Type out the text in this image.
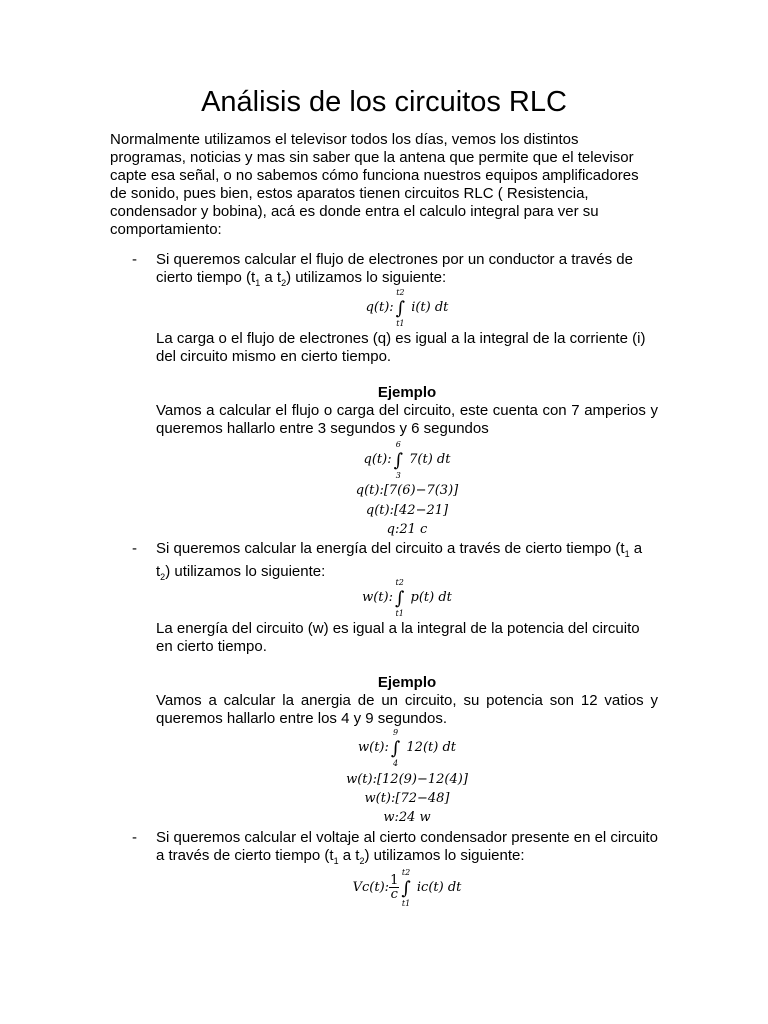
Análisis de los circuitos RLC

Normalmente utilizamos el televisor todos los días, vemos los distintos programas, noticias y mas sin saber que la antena que permite que el televisor capte esa señal, o no sabemos cómo funciona nuestros equipos amplificadores de sonido, pues bien, estos aparatos tienen circuitos RLC ( Resistencia, condensador y bobina), acá es donde entra el calculo integral para ver su comportamiento:

- Si queremos calcular el flujo de electrones por un conductor a través de cierto tiempo ($t_1$ a $t_2$) utilizamos lo siguiente:

q(t):
t2
∫
t1
i(t) dt

La carga o el flujo de electrones (q) es igual a la integral de la corriente (i) del circuito mismo en cierto tiempo.

Ejemplo

Vamos a calcular el flujo o carga del circuito, este cuenta con 7 amperios y queremos hallarlo entre 3 segundos y 6 segundos

q(t):
6
∫
3
7(t) dt
q(t):[7(6)−7(3)]
q(t):[42−21]
q:21 c
- Si queremos calcular la energía del circuito a través de cierto tiempo ($t_1$ a $t_2$) utilizamos lo siguiente:

w(t):
t2
∫
t1
p(t) dt

La energía del circuito (w) es igual a la integral de la potencia del circuito en cierto tiempo.

Ejemplo

Vamos a calcular la anergia de un circuito, su potencia son 12 vatios y queremos hallarlo entre los 4 y 9 segundos.

w(t):
9
∫
4
12(t) dt
w(t):[12(9)−12(4)]
w(t):[72−48]
w:24 w
- Si queremos calcular el voltaje al cierto condensador presente en el circuito a través de cierto tiempo ($t_1$ a $t_2$) utilizamos lo siguiente:

Vc(t): $\frac{1}{c}$
t2
∫
t1
ic(t) dt
